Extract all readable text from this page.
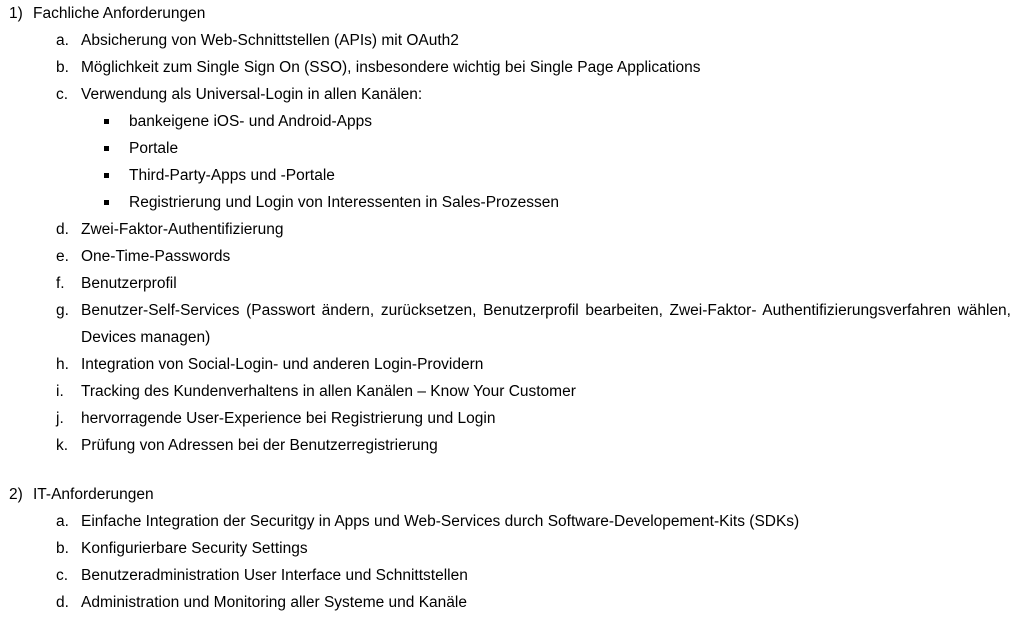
1) Fachliche Anforderungen
a. Absicherung von Web-Schnittstellen (APIs) mit OAuth2
b. Möglichkeit zum Single Sign On (SSO), insbesondere wichtig bei Single Page Applications
c. Verwendung als Universal-Login in allen Kanälen:
bankeigene iOS- und Android-Apps
Portale
Third-Party-Apps und -Portale
Registrierung und Login von Interessenten in Sales-Prozessen
d. Zwei-Faktor-Authentifizierung
e. One-Time-Passwords
f. Benutzerprofil
g. Benutzer-Self-Services (Passwort ändern, zurücksetzen, Benutzerprofil bearbeiten, Zwei-Faktor- Authentifizierungsverfahren wählen, Devices managen)
h. Integration von Social-Login- und anderen Login-Providern
i. Tracking des Kundenverhaltens in allen Kanälen – Know Your Customer
j. hervorragende User-Experience bei Registrierung und Login
k. Prüfung von Adressen bei der Benutzerregistrierung
2) IT-Anforderungen
a. Einfache Integration der Securitgy in Apps und Web-Services durch Software-Developement-Kits (SDKs)
b. Konfigurierbare Security Settings
c. Benutzeradministration User Interface und Schnittstellen
d. Administration und Monitoring aller Systeme und Kanäle
